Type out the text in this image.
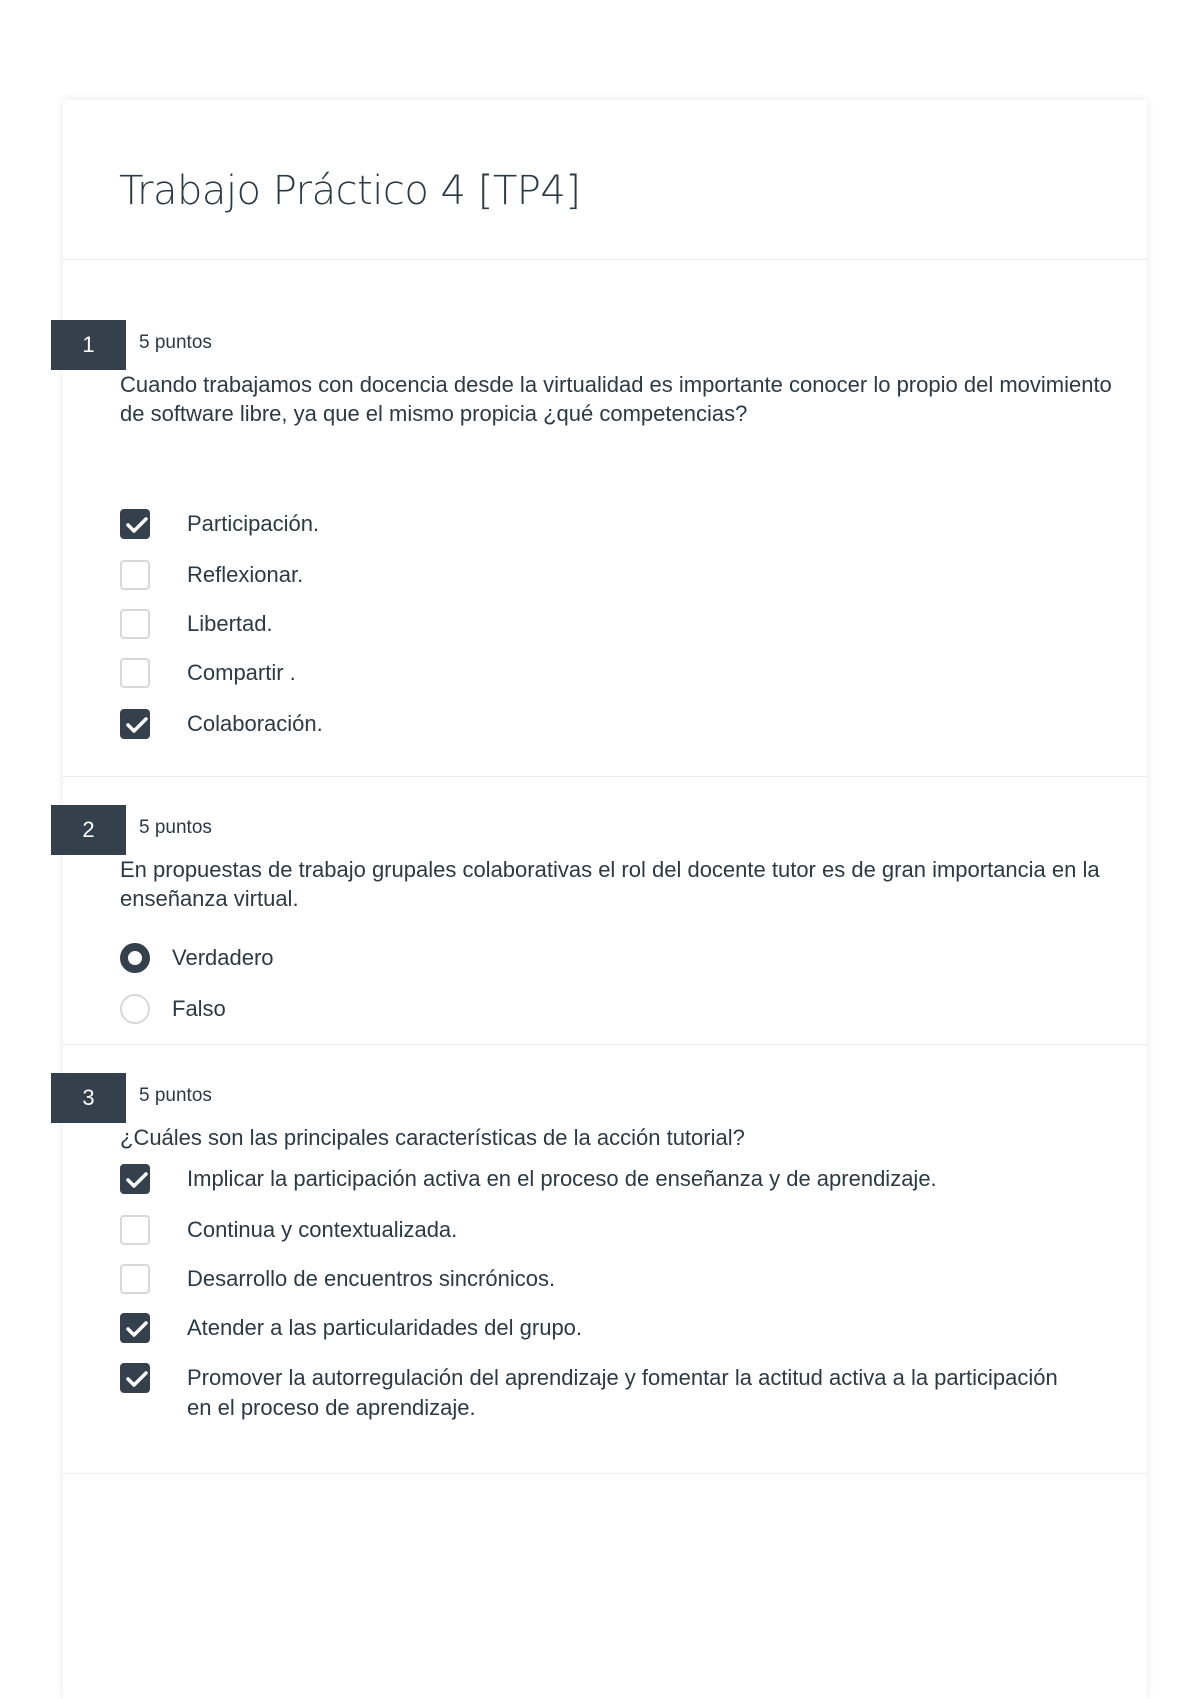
Trabajo Práctico 4 [TP4]
1	5 puntos
Cuando trabajamos con docencia desde la virtualidad es importante conocer lo propio del movimiento de software libre, ya que el mismo propicia ¿qué competencias?
Participación.
Reflexionar.
Libertad.
Compartir .
Colaboración.
2	5 puntos
En propuestas de trabajo grupales colaborativas el rol del docente tutor es de gran importancia en la enseñanza virtual.
Verdadero
Falso
3	5 puntos
¿Cuáles son las principales características de la acción tutorial?
Implicar la participación activa en el proceso de enseñanza y de aprendizaje.
Continua y contextualizada.
Desarrollo de encuentros sincrónicos.
Atender a las particularidades del grupo.
Promover la autorregulación del aprendizaje y fomentar la actitud activa a la participación en el proceso de aprendizaje.
